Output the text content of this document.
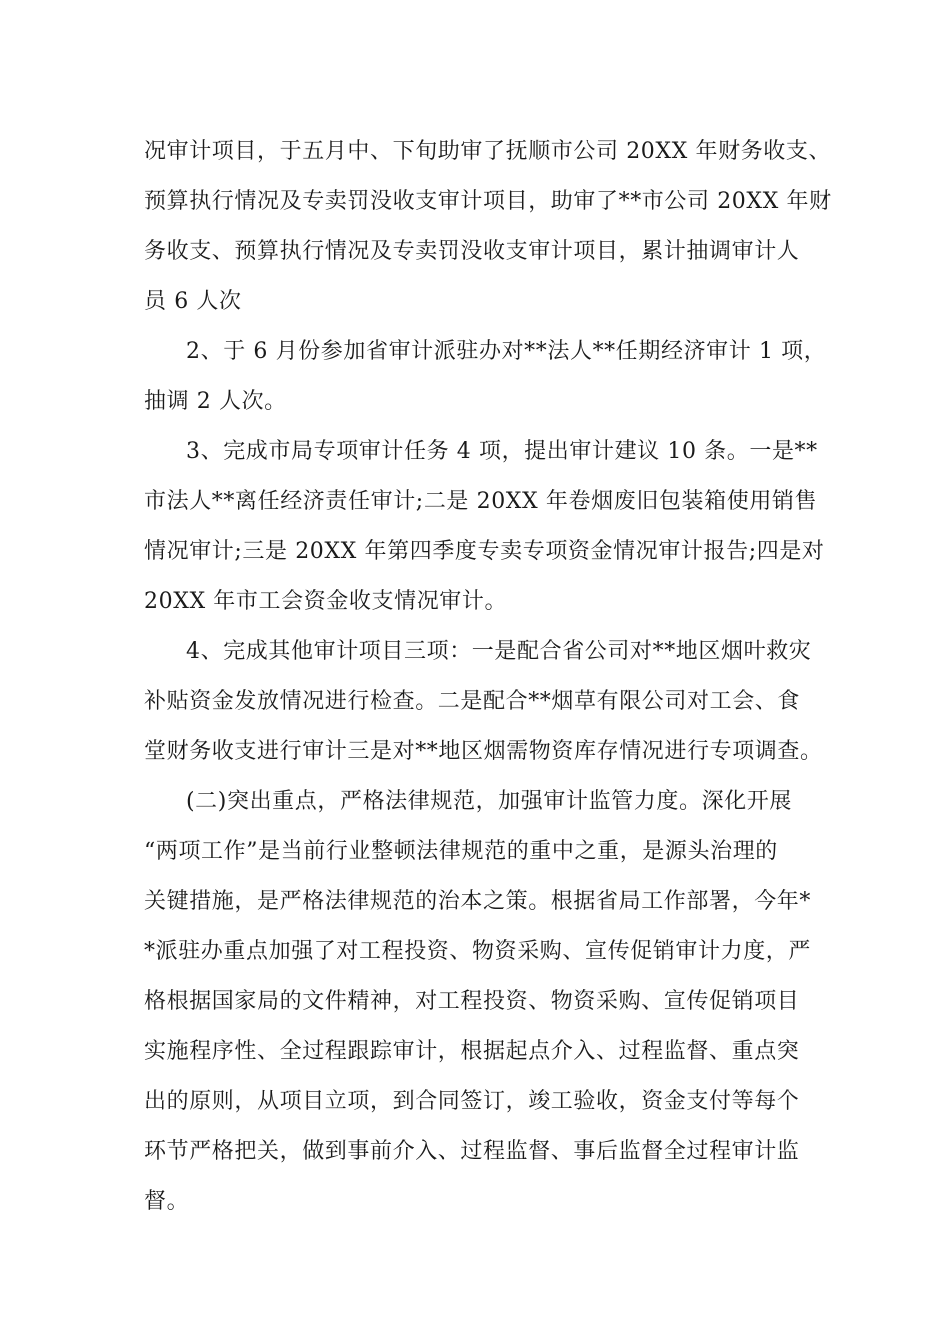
况审计项目，于五月中、下旬助审了抚顺市公司 20XX 年财务收支、
预算执行情况及专卖罚没收支审计项目，助审了**市公司 20XX 年财
务收支、预算执行情况及专卖罚没收支审计项目，累计抽调审计人
员 6 人次
2、于 6 月份参加省审计派驻办对**法人**任期经济审计 1 项，
抽调 2 人次。
3、完成市局专项审计任务 4 项，提出审计建议 10 条。一是**
市法人**离任经济责任审计;二是 20XX 年卷烟废旧包装箱使用销售
情况审计;三是 20XX 年第四季度专卖专项资金情况审计报告;四是对
20XX 年市工会资金收支情况审计。
4、完成其他审计项目三项：一是配合省公司对**地区烟叶救灾
补贴资金发放情况进行检查。二是配合**烟草有限公司对工会、食
堂财务收支进行审计三是对**地区烟需物资库存情况进行专项调查。
(二)突出重点，严格法律规范，加强审计监管力度。深化开展
“两项工作”是当前行业整顿法律规范的重中之重，是源头治理的
关键措施，是严格法律规范的治本之策。根据省局工作部署，今年*
*派驻办重点加强了对工程投资、物资采购、宣传促销审计力度，严
格根据国家局的文件精神，对工程投资、物资采购、宣传促销项目
实施程序性、全过程跟踪审计，根据起点介入、过程监督、重点突
出的原则，从项目立项，到合同签订，竣工验收，资金支付等每个
环节严格把关，做到事前介入、过程监督、事后监督全过程审计监
督。
